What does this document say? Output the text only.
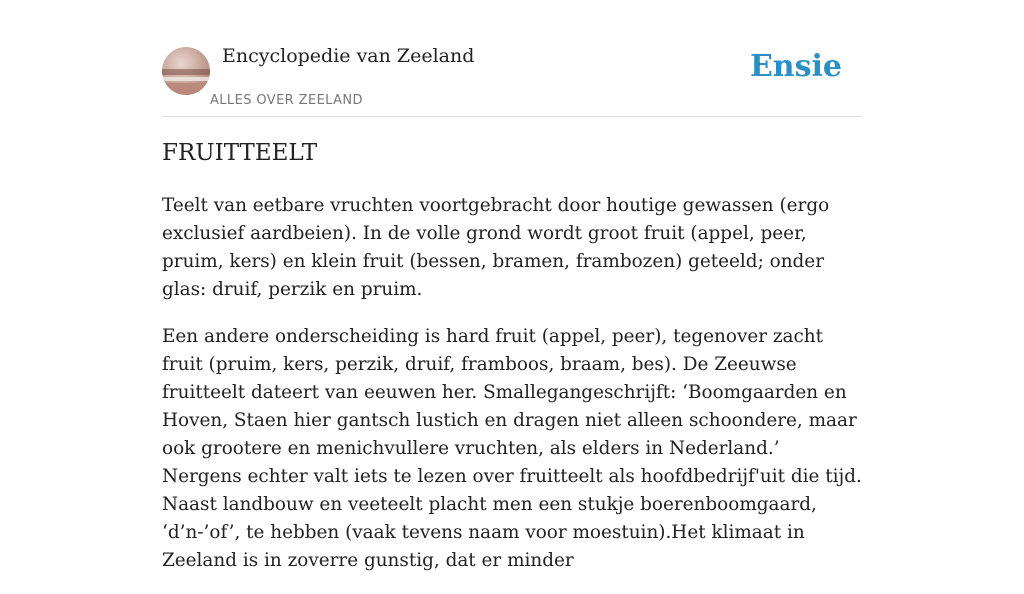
Encyclopedie van Zeeland
ALLES OVER ZEELAND
Ensie
FRUITTEELT

Teelt van eetbare vruchten voortgebracht door houtige gewassen (ergo exclusief aardbeien). In de volle grond wordt groot fruit (appel, peer, pruim, kers) en klein fruit (bessen, bramen, frambozen) geteeld; onder glas: druif, perzik en pruim.

Een andere onderscheiding is hard fruit (appel, peer), tegenover zacht fruit (pruim, kers, perzik, druif, framboos, braam, bes). De Zeeuwse fruitteelt dateert van eeuwen her. Smallegangeschrijft: ‘Boomgaarden en Hoven, Staen hier gantsch lustich en dragen niet alleen schoondere, maar ook grootere en menichvullere vruchten, als elders in Nederland.’ Nergens echter valt iets te lezen over fruitteelt als hoofdbedrijf'uit die tijd. Naast landbouw en veeteelt placht men een stukje boerenboomgaard, ‘d’n-’of’, te hebben (vaak tevens naam voor moestuin).Het klimaat in Zeeland is in zoverre gunstig, dat er minder
